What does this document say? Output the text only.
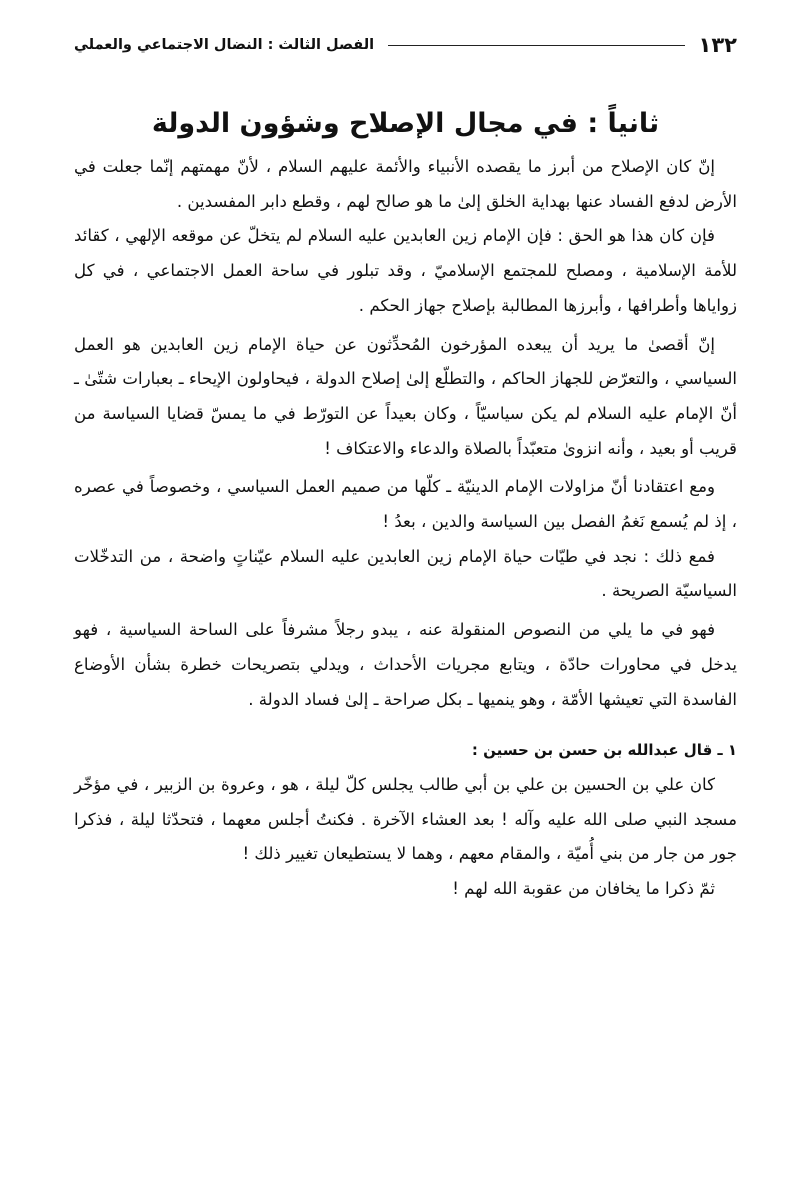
١٣٢
الفصل الثالث : النضال الاجتماعي والعملي
ثانياً : في مجال الإصلاح وشؤون الدولة

إنّ كان الإصلاح من أبرز ما يقصده الأنبياء والأئمة عليهم السلام ، لأنّ مهمتهم إنّما جعلت في الأرض لدفع الفساد عنها بهداية الخلق إلىٰ ما هو صالح لهم ، وقطع دابر المفسدين .

فإن كان هذا هو الحق : فإن الإمام زين العابدين عليه السلام لم يتخلّ عن موقعه الإلهي ، كقائد للأمة الإسلامية ، ومصلح للمجتمع الإسلاميّ ، وقد تبلور في ساحة العمل الاجتماعي ، في كل زواياها وأطرافها ، وأبرزها المطالبة بإصلاح جهاز الحكم .

إنّ أقصىٰ ما يريد أن يبعده المؤرخون المُحدِّثون عن حياة الإمام زين العابدين هو العمل السياسي ، والتعرّض للجهاز الحاكم ، والتطلّع إلىٰ إصلاح الدولة ، فيحاولون الإيحاء ـ بعبارات شتّىٰ ـ أنّ الإمام عليه السلام لم يكن سياسيّاً ، وكان بعيداً عن التورّط في ما يمسّ قضايا السياسة من قريب أو بعيد ، وأنه انزوىٰ متعبّداً بالصلاة والدعاء والاعتكاف !

ومع اعتقادنا أنّ مزاولات الإمام الدينيّة ـ كلّها من صميم العمل السياسي ، وخصوصاً في عصره ، إذ لم يُسمع نَغمُ الفصل بين السياسة والدين ، بعدُ !

فمع ذلك : نجد في طيّات حياة الإمام زين العابدين عليه السلام عيّناتٍ واضحة ، من التدخّلات السياسيّة الصريحة .

فهو في ما يلي من النصوص المنقولة عنه ، يبدو رجلاً مشرفاً على الساحة السياسية ، فهو يدخل في محاورات حادّة ، ويتابع مجريات الأحداث ، ويدلي بتصريحات خطرة بشأن الأوضاع الفاسدة التي تعيشها الأمّة ، وهو ينميها ـ بكل صراحة ـ إلىٰ فساد الدولة .

١ ـ قال عبدالله بن حسن بن حسين :

كان علي بن الحسين بن علي بن أبي طالب يجلس كلّ ليلة ، هو ، وعروة بن الزبير ، في مؤخّر مسجد النبي صلى الله عليه وآله ! بعد العشاء الآخرة . فكنتُ أجلس معهما ، فتحدّثا ليلة ، فذكرا جور من جار من بني أُميّة ، والمقام معهم ، وهما لا يستطيعان تغيير ذلك !

ثمّ ذكرا ما يخافان من عقوبة الله لهم !
